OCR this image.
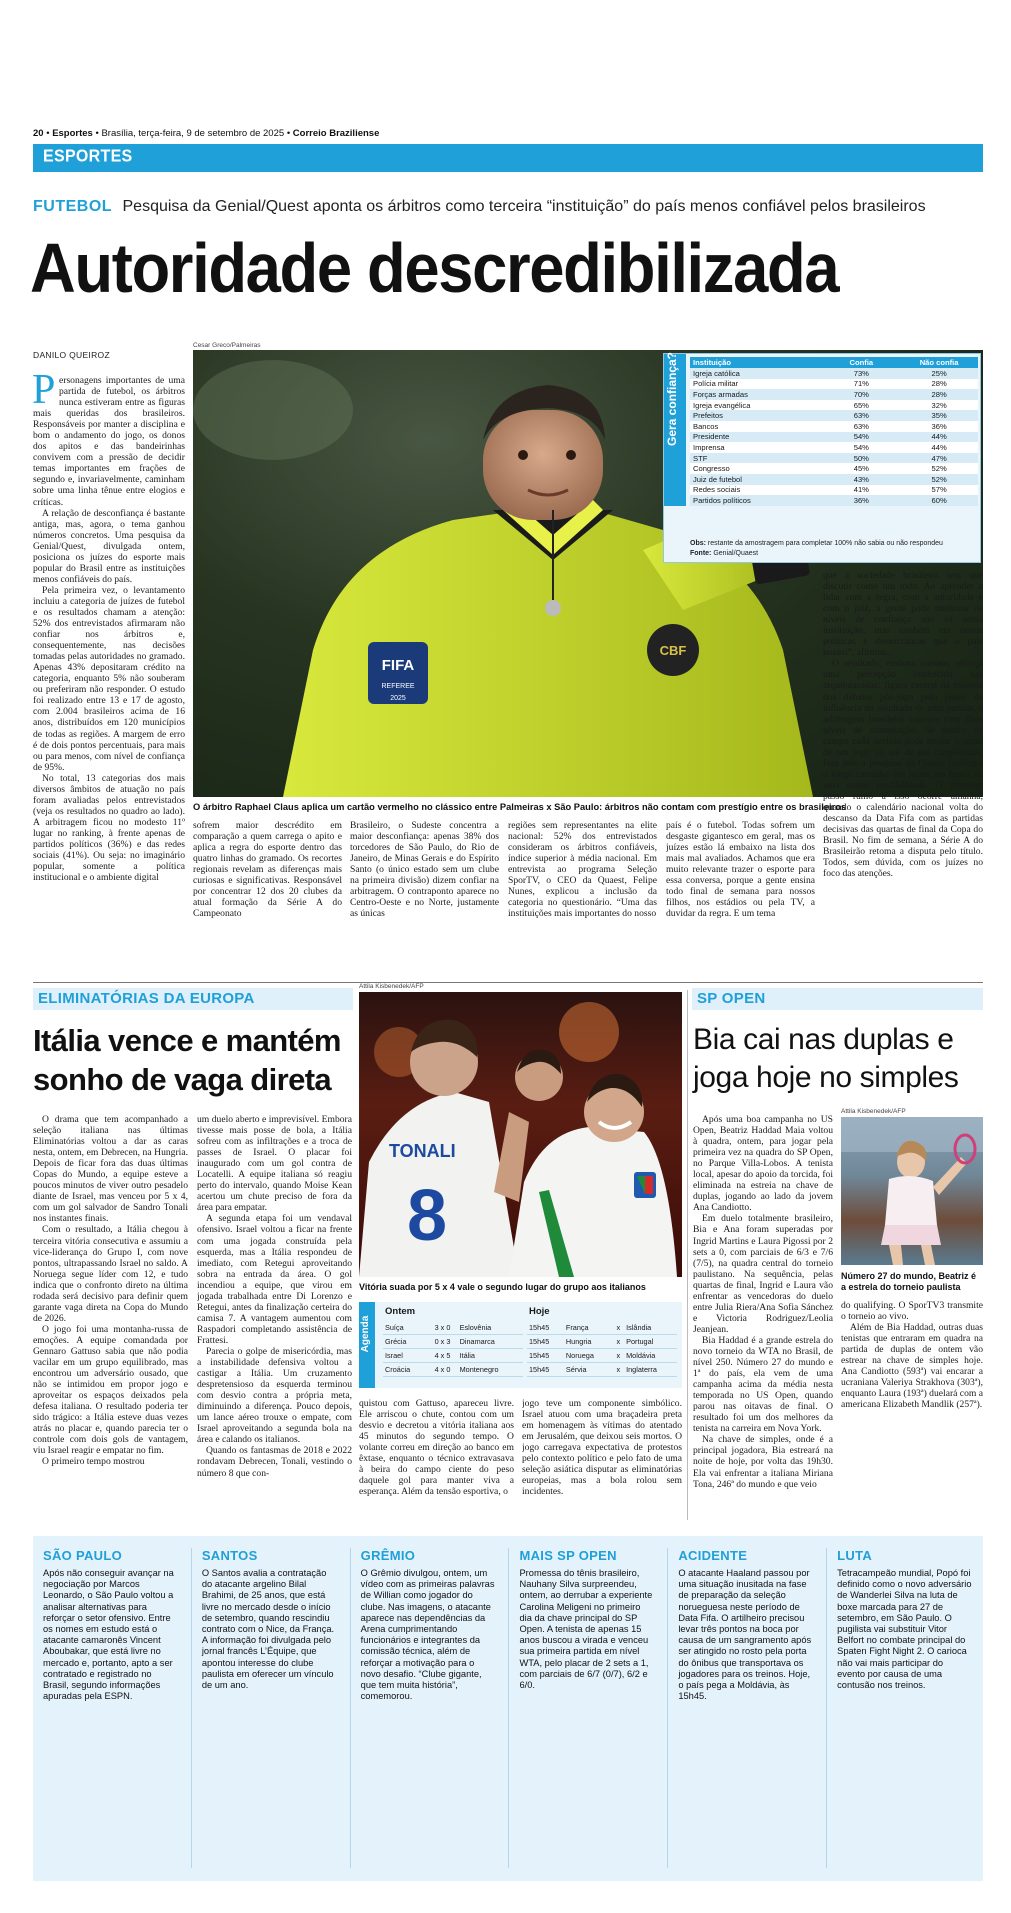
20 • Esportes • Brasília, terça-feira, 9 de setembro de 2025 • Correio Braziliense
ESPORTES
FUTEBOL Pesquisa da Genial/Quest aponta os árbitros como terceira “instituição” do país menos confiável pelos brasileiros
Autoridade descredibilizada
DANILO QUEIROZ
Cesar Greco/Palmeiras
CBF
FIFA
REFEREE
2025
O árbitro Raphael Claus aplica um cartão vermelho no clássico entre Palmeiras x São Paulo: árbitros não contam com prestígio entre os brasileiros
Gera confiança? Instituição	Confia	Não confia
Igreja católica	73%	25%
Polícia militar	71%	28%
Forças armadas	70%	28%
Igreja evangélica	65%	32%
Prefeitos	63%	35%
Bancos	63%	36%
Presidente	54%	44%
Imprensa	54%	44%
STF	50%	47%
Congresso	45%	52%
Juiz de futebol	43%	52%
Redes sociais	41%	57%
Partidos políticos	36%	60%
Obs: restante da amostragem para completar 100% não sabia ou não respondeu
Fonte: Genial/Quaest
P ersonagens importantes de uma partida de futebol, os árbitros nunca estiveram entre as figuras mais queridas dos brasileiros. Responsáveis por manter a disciplina e bom o andamento do jogo, os donos dos apitos e das bandeirinhas convivem com a pressão de decidir temas importantes em frações de segundo e, invariavelmente, caminham sobre uma linha tênue entre elogios e críticas.

A relação de desconfiança é bastante antiga, mas, agora, o tema ganhou números concretos. Uma pesquisa da Genial/Quest, divulgada ontem, posiciona os juízes do esporte mais popular do Brasil entre as instituições menos confiáveis do país.

Pela primeira vez, o levantamento incluiu a categoria de juízes de futebol e os resultados chamam a atenção: 52% dos entrevistados afirmaram não confiar nos árbitros e, consequentemente, nas decisões tomadas pelas autoridades no gramado. Apenas 43% depositaram crédito na categoria, enquanto 5% não souberam ou preferiram não responder. O estudo foi realizado entre 13 e 17 de agosto, com 2.004 brasileiros acima de 16 anos, distribuídos em 120 municípios de todas as regiões. A margem de erro é de dois pontos percentuais, para mais ou para menos, com nível de confiança de 95%.

No total, 13 categorias dos mais diversos âmbitos de atuação no país foram avaliadas pelos entrevistados (veja os resultados no quadro ao lado). A arbitragem ficou no modesto 11º lugar no ranking, à frente apenas de partidos políticos (36%) e das redes sociais (41%). Ou seja: no imaginário popular, somente a política institucional e o ambiente digital

sofrem maior descrédito em comparação a quem carrega o apito e aplica a regra do esporte dentro das quatro linhas do gramado. Os recortes regionais revelam as diferenças mais curiosas e significativas. Responsável por concentrar 12 dos 20 clubes da atual formação da Série A do Campeonato

Brasileiro, o Sudeste concentra a maior desconfiança: apenas 38% dos torcedores de São Paulo, do Rio de Janeiro, de Minas Gerais e do Espírito Santo (o único estado sem um clube na primeira divisão) dizem confiar na arbitragem. O contraponto aparece no Centro-Oeste e no Norte, justamente as únicas

regiões sem representantes na elite nacional: 52% dos entrevistados consideram os árbitros confiáveis, índice superior à média nacional. Em entrevista ao programa Seleção SporTV, o CEO da Quaest, Felipe Nunes, explicou a inclusão da categoria no questionário. “Uma das instituições mais importantes do nosso

país é o futebol. Todas sofrem um desgaste gigantesco em geral, mas os juízes estão lá embaixo na lista dos mais mal avaliados. Achamos que era muito relevante trazer o esporte para essa conversa, porque a gente ensina todo final de semana para nossos filhos, nos estádios ou pela TV, a duvidar da regra. E um tema

que a sociedade brasileira tem que discutir como um todo. Ao aprender a lidar com a regra, com a autoridade e com o juiz, a gente pode melhorar os níveis de confiança não só nessa instituição, mas também em outras políticas e democráticas que o país possui”, afirmou.

O resultado, embora curioso, reforça uma percepção conhecida nas arquibancadas: figura central na maioria dos debates pós-jogo pelo poder de influência no resultado de uma partida, a arbitragem brasileira convive com altos níveis de contestação. Se dentro de campo cada decisão pode mudar o rumo de um jogo ou até de um campeonato, fora dele a pesquisa da Quaest confirma o longo caminho dos juízes em busca de uma maior credibilidade. O primeiro passo rumo a isso ocorre amanhã, quando o calendário nacional volta do descanso da Data Fifa com as partidas decisivas das quartas de final da Copa do Brasil. No fim de semana, a Série A do Brasileirão retoma a disputa pelo título. Todos, sem dúvida, com os juízes no foco das atenções.

ELIMINATÓRIAS DA EUROPA
Itália vence e mantém
sonho de vaga direta

O drama que tem acompanhado a seleção italiana nas últimas Eliminatórias voltou a dar as caras nesta, ontem, em Debrecen, na Hungria. Depois de ficar fora das duas últimas Copas do Mundo, a equipe esteve a poucos minutos de viver outro pesadelo diante de Israel, mas venceu por 5 x 4, com um gol salvador de Sandro Tonali nos instantes finais.

Com o resultado, a Itália chegou à terceira vitória consecutiva e assumiu a vice-liderança do Grupo I, com nove pontos, ultrapassando Israel no saldo. A Noruega segue líder com 12, e tudo indica que o confronto direto na última rodada será decisivo para definir quem garante vaga direta na Copa do Mundo de 2026.

O jogo foi uma montanha-russa de emoções. A equipe comandada por Gennaro Gattuso sabia que não podia vacilar em um grupo equilibrado, mas encontrou um adversário ousado, que não se intimidou em propor jogo e aproveitar os espaços deixados pela defesa italiana. O resultado poderia ter sido trágico: a Itália esteve duas vezes atrás no placar e, quando parecia ter o controle com dois gols de vantagem, viu Israel reagir e empatar no fim.

O primeiro tempo mostrou

um duelo aberto e imprevisível. Embora tivesse mais posse de bola, a Itália sofreu com as infiltrações e a troca de passes de Israel. O placar foi inaugurado com um gol contra de Locatelli. A equipe italiana só reagiu perto do intervalo, quando Moise Kean acertou um chute preciso de fora da área para empatar.

A segunda etapa foi um vendaval ofensivo. Israel voltou a ficar na frente com uma jogada construída pela esquerda, mas a Itália respondeu de imediato, com Retegui aproveitando sobra na entrada da área. O gol incendiou a equipe, que virou em jogada trabalhada entre Di Lorenzo e Retegui, antes da finalização certeira do camisa 7. A vantagem aumentou com Raspadori completando assistência de Frattesi.

Parecia o golpe de misericórdia, mas a instabilidade defensiva voltou a castigar a Itália. Um cruzamento despretensioso da esquerda terminou com desvio contra a própria meta, diminuindo a diferença. Pouco depois, um lance aéreo trouxe o empate, com Israel aproveitando a segunda bola na área e calando os italianos.

Quando os fantasmas de 2018 e 2022 rondavam Debrecen, Tonali, vestindo o número 8 que con-

Attila Kisbenedek/AFP
TONALI
8
Vitória suada por 5 x 4 vale o segundo lugar do grupo aos italianos
Agenda
Ontem	Hoje
Suíça	3 x 0	Eslovênia
Grécia	0 x 3	Dinamarca
Israel	4 x 5	Itália
Croácia	4 x 0	Montenegro
15h45	França	x	Islândia
15h45	Hungria	x	Portugal
15h45	Noruega	x	Moldávia
15h45	Sérvia	x	Inglaterra

quistou com Gattuso, apareceu livre. Ele arriscou o chute, contou com um desvio e decretou a vitória italiana aos 45 minutos do segundo tempo. O volante correu em direção ao banco em êxtase, enquanto o técnico extravasava à beira do campo ciente do peso daquele gol para manter viva a esperança. Além da tensão esportiva, o

jogo teve um componente simbólico. Israel atuou com uma braçadeira preta em homenagem às vítimas do atentado em Jerusalém, que deixou seis mortos. O jogo carregava expectativa de protestos pelo contexto político e pelo fato de uma seleção asiática disputar as eliminatórias europeias, mas a bola rolou sem incidentes.

SP OPEN
Bia cai nas duplas e
joga hoje no simples

Após uma boa campanha no US Open, Beatriz Haddad Maia voltou à quadra, ontem, para jogar pela primeira vez na quadra do SP Open, no Parque Villa-Lobos. A tenista local, apesar do apoio da torcida, foi eliminada na estreia na chave de duplas, jogando ao lado da jovem Ana Candiotto.

Em duelo totalmente brasileiro, Bia e Ana foram superadas por Ingrid Martins e Laura Pigossi por 2 sets a 0, com parciais de 6/3 e 7/6 (7/5), na quadra central do torneio paulistano. Na sequência, pelas quartas de final, Ingrid e Laura vão enfrentar as vencedoras do duelo entre Julia Riera/Ana Sofia Sánchez e Victoria Rodriguez/Leolia Jeanjean.

Bia Haddad é a grande estrela do novo torneio da WTA no Brasil, de nível 250. Número 27 do mundo e 1ª do país, ela vem de uma campanha acima da média nesta temporada no US Open, quando parou nas oitavas de final. O resultado foi um dos melhores da tenista na carreira em Nova York.

Na chave de simples, onde é a principal jogadora, Bia estreará na noite de hoje, por volta das 19h30. Ela vai enfrentar a italiana Miriana Tona, 246ª do mundo e que veio

Attila Kisbenedek/AFP
Número 27 do mundo, Beatriz é a estrela do torneio paulista

do qualifying. O SporTV3 transmite o torneio ao vivo.

Além de Bia Haddad, outras duas tenistas que entraram em quadra na partida de duplas de ontem vão estrear na chave de simples hoje. Ana Candiotto (593ª) vai encarar a ucraniana Valeriya Strakhova (303ª), enquanto Laura (193ª) duelará com a americana Elizabeth Mandlik (257ª).

SÃO PAULO
Após não conseguir avançar na negociação por Marcos Leonardo, o São Paulo voltou a analisar alternativas para reforçar o setor ofensivo. Entre os nomes em estudo está o atacante camaronês Vincent Aboubakar, que está livre no mercado e, portanto, apto a ser contratado e registrado no Brasil, segundo informações apuradas pela ESPN.
SANTOS
O Santos avalia a contratação do atacante argelino Bilal Brahimi, de 25 anos, que está livre no mercado desde o início de setembro, quando rescindiu contrato com o Nice, da França. A informação foi divulgada pelo jornal francês L’Équipe, que apontou interesse do clube paulista em oferecer um vínculo de um ano.
GRÊMIO
O Grêmio divulgou, ontem, um vídeo com as primeiras palavras de Willian como jogador do clube. Nas imagens, o atacante aparece nas dependências da Arena cumprimentando funcionários e integrantes da comissão técnica, além de reforçar a motivação para o novo desafio. “Clube gigante, que tem muita história”, comemorou.
MAIS SP OPEN
Promessa do tênis brasileiro, Nauhany Silva surpreendeu, ontem, ao derrubar a experiente Carolina Meligeni no primeiro dia da chave principal do SP Open. A tenista de apenas 15 anos buscou a virada e venceu sua primeira partida em nível WTA, pelo placar de 2 sets a 1, com parciais de 6/7 (0/7), 6/2 e 6/0.
ACIDENTE
O atacante Haaland passou por uma situação inusitada na fase de preparação da seleção norueguesa neste período de Data Fifa. O artilheiro precisou levar três pontos na boca por causa de um sangramento após ser atingido no rosto pela porta do ônibus que transportava os jogadores para os treinos. Hoje, o país pega a Moldávia, às 15h45.
LUTA
Tetracampeão mundial, Popó foi definido como o novo adversário de Wanderlei Silva na luta de boxe marcada para 27 de setembro, em São Paulo. O pugilista vai substituir Vitor Belfort no combate principal do Spaten Fight Night 2. O carioca não vai mais participar do evento por causa de uma contusão nos treinos.
